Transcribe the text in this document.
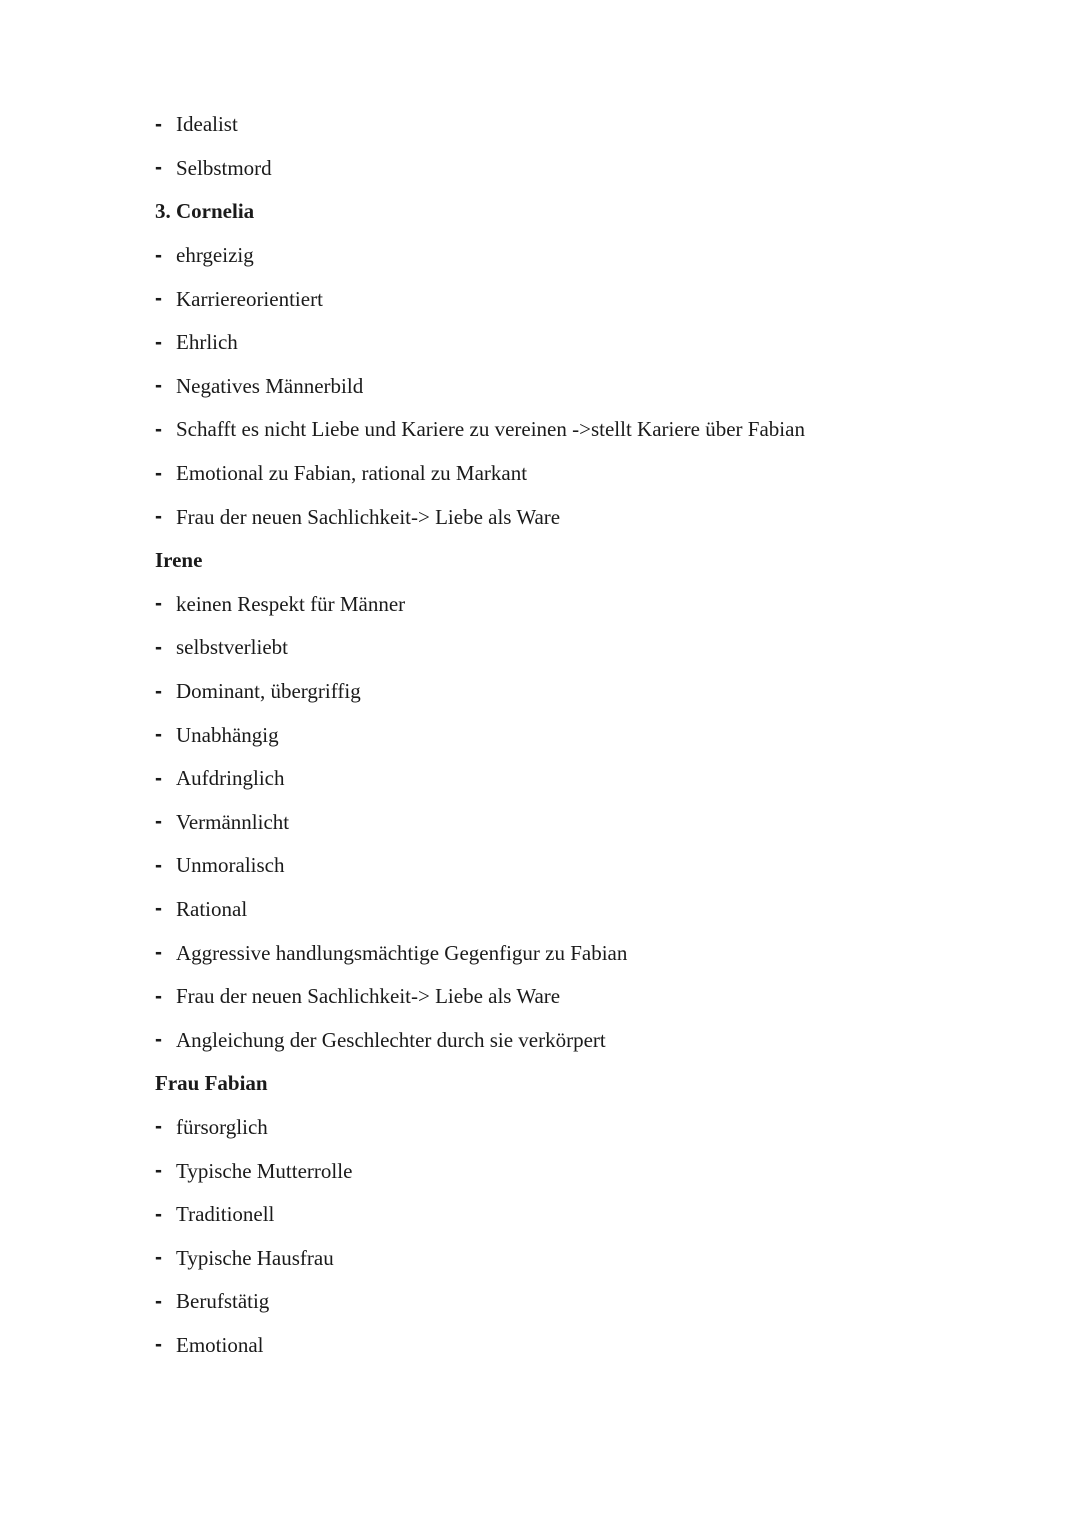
- Idealist
- Selbstmord
3. Cornelia
- ehrgeizig
- Karriereorientiert
- Ehrlich
- Negatives Männerbild
- Schafft es nicht Liebe und Kariere zu vereinen ->stellt Kariere über Fabian
- Emotional zu Fabian, rational zu Markant
- Frau der neuen Sachlichkeit-> Liebe als Ware
Irene
- keinen Respekt für Männer
- selbstverliebt
- Dominant, übergriffig
- Unabhängig
- Aufdringlich
- Vermännlicht
- Unmoralisch
- Rational
- Aggressive handlungsmächtige Gegenfigur zu Fabian
- Frau der neuen Sachlichkeit-> Liebe als Ware
- Angleichung der Geschlechter durch sie verkörpert
Frau Fabian
- fürsorglich
- Typische Mutterrolle
- Traditionell
- Typische Hausfrau
- Berufstätig
- Emotional
